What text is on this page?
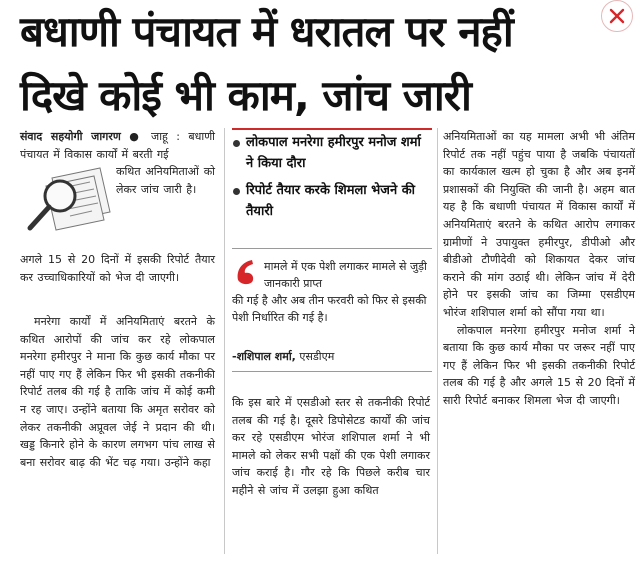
बधाणी पंचायत में धरातल पर नहीं
दिखे कोई भी काम, जांच जारी
संवाद सहयोगी जागरण ● जाहू : बधाणी पंचायत में विकास कार्यों में बरती गई
कथित अनियमिताओं को लेकर जांच जारी है।
अगले 15 से 20 दिनों में इसकी रिपोर्ट तैयार कर उच्चाधिकारियों को भेज दी जाएगी।

मनरेगा कार्यों में अनियमिताएं बरतने के कथित आरोपों की जांच कर रहे लोकपाल मनरेगा हमीरपुर ने माना कि कुछ कार्य मौका पर नहीं पाए गए हैं लेकिन फिर भी इसकी तकनीकी रिपोर्ट तलब की गई है ताकि जांच में कोई कमी न रह जाए। उन्होंने बताया कि अमृत सरोवर को लेकर तकनीकी अप्रूवल जेई ने प्रदान की थी। खड्ड किनारे होने के कारण लगभग पांच लाख से बना सरोवर बाढ़ की भेंट चढ़ गया। उन्होंने कहा

लोकपाल मनरेगा हमीरपुर मनोज शर्मा ने किया दौरा
रिपोर्ट तैयार करके शिमला भेजने की तैयारी
मामले में एक पेशी लगाकर मामले से जुड़ी जानकारी प्राप्त
की गई है और अब तीन फरवरी को फिर से इसकी पेशी निर्धारित की गई है।
-शशिपाल शर्मा, एसडीएम
कि इस बारे में एसडीओ स्तर से तकनीकी रिपोर्ट तलब की गई है। दूसरे डिपोसेटड कार्यों की जांच कर रहे एसडीएम भोरंज शशिपाल शर्मा ने भी मामले को लेकर सभी पक्षों की एक पेशी लगाकर जांच कराई है। गौर रहे कि पिछले करीब चार महीने से जांच में उलझा हुआ कथित

अनियमिताओं का यह मामला अभी भी अंतिम रिपोर्ट तक नहीं पहुंच पाया है जबकि पंचायतों का कार्यकाल खत्म हो चुका है और अब इनमें प्रशासकों की नियुक्ति की जानी है। अहम बात यह है कि बधाणी पंचायत में विकास कार्यों में अनियमिताएं बरतने के कथित आरोप लगाकर ग्रामीणों ने उपायुक्त हमीरपुर, डीपीओ और बीडीओ टौणीदेवी को शिकायत देकर जांच कराने की मांग उठाई थी। लेकिन जांच में देरी होने पर इसकी जांच का जिम्मा एसडीएम भोरंज शशिपाल शर्मा को सौंपा गया था।

लोकपाल मनरेगा हमीरपुर मनोज शर्मा ने बताया कि कुछ कार्य मौका पर जरूर नहीं पाए गए हैं लेकिन फिर भी इसकी तकनीकी रिपोर्ट तलब की गई है और अगले 15 से 20 दिनों में सारी रिपोर्ट बनाकर शिमला भेज दी जाएगी।
